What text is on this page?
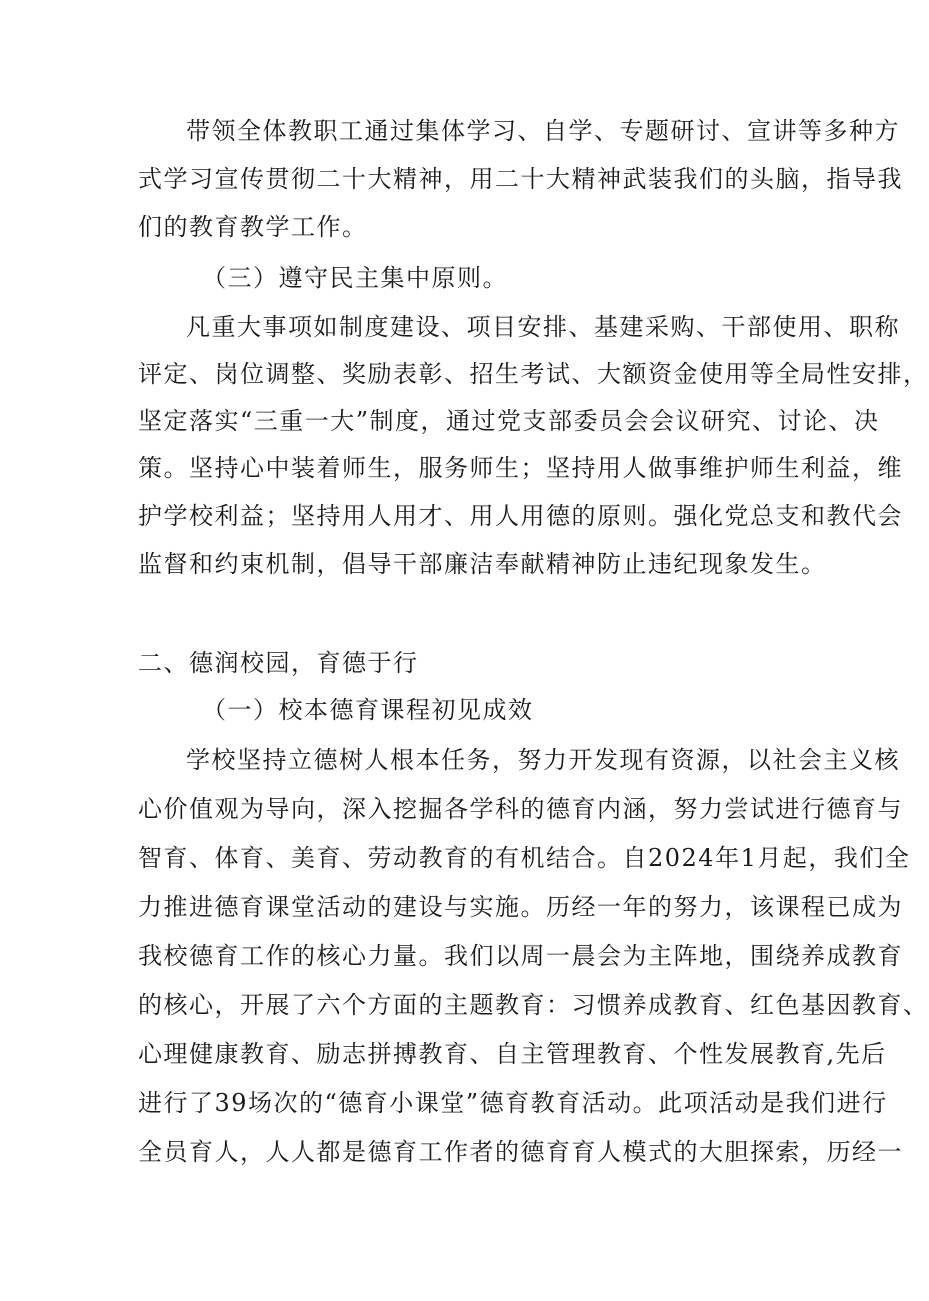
带领全体教职工通过集体学习、自学、专题研讨、宣讲等多种方
式学习宣传贯彻二十大精神，用二十大精神武装我们的头脑，指导我
们的教育教学工作。
（三）遵守民主集中原则。
凡重大事项如制度建设、项目安排、基建采购、干部使用、职称
评定、岗位调整、奖励表彰、招生考试、大额资金使用等全局性安排，
坚定落实“三重一大”制度，通过党支部委员会会议研究、讨论、决
策。坚持心中装着师生，服务师生；坚持用人做事维护师生利益，维
护学校利益；坚持用人用才、用人用德的原则。强化党总支和教代会
监督和约束机制，倡导干部廉洁奉献精神防止违纪现象发生。
二、德润校园，育德于行
（一）校本德育课程初见成效
学校坚持立德树人根本任务，努力开发现有资源，以社会主义核
心价值观为导向，深入挖掘各学科的德育内涵，努力尝试进行德育与
智育、体育、美育、劳动教育的有机结合。自2024年1月起，我们全
力推进德育课堂活动的建设与实施。历经一年的努力，该课程已成为
我校德育工作的核心力量。我们以周一晨会为主阵地，围绕养成教育
的核心，开展了六个方面的主题教育：习惯养成教育、红色基因教育、
心理健康教育、励志拼搏教育、自主管理教育、个性发展教育,先后
进行了39场次的“德育小课堂”德育教育活动。此项活动是我们进行
全员育人，人人都是德育工作者的德育育人模式的大胆探索，历经一
